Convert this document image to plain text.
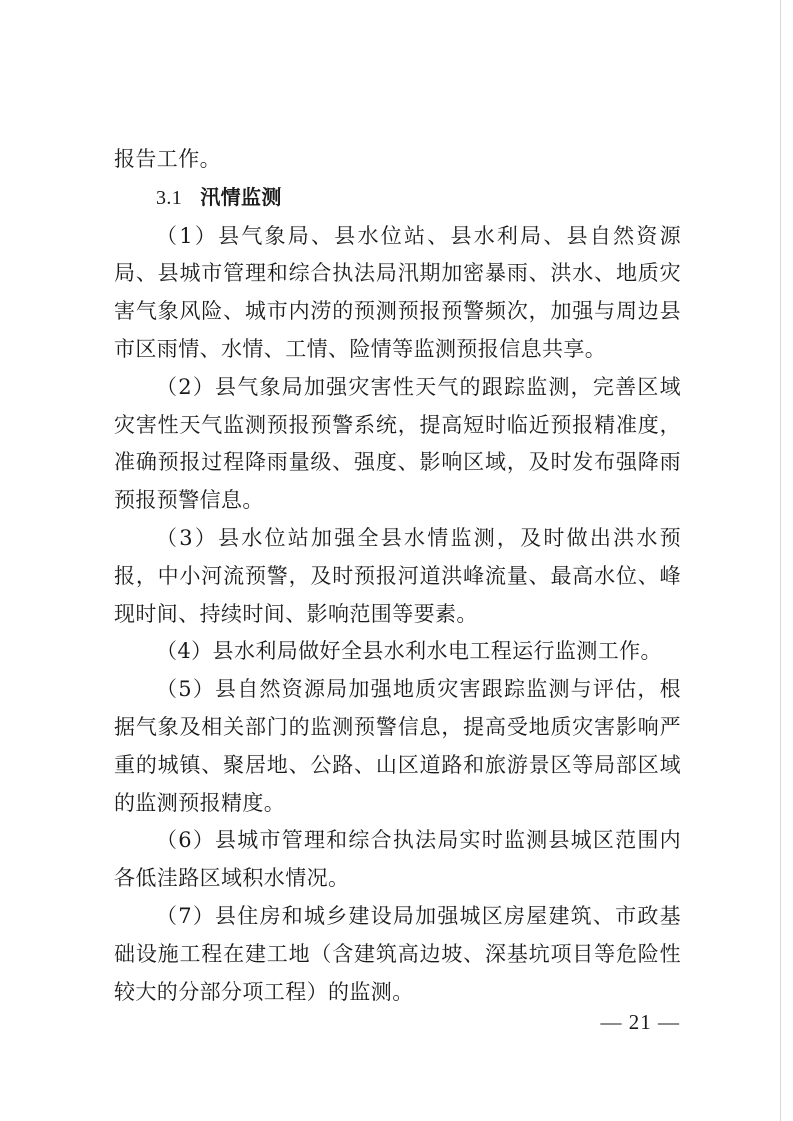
报告工作。

3.1 汛情监测

（1）县气象局、县水位站、县水利局、县自然资源局、县城市管理和综合执法局汛期加密暴雨、洪水、地质灾害气象风险、城市内涝的预测预报预警频次，加强与周边县市区雨情、水情、工情、险情等监测预报信息共享。

（2）县气象局加强灾害性天气的跟踪监测，完善区域灾害性天气监测预报预警系统，提高短时临近预报精准度，准确预报过程降雨量级、强度、影响区域，及时发布强降雨预报预警信息。

（3）县水位站加强全县水情监测，及时做出洪水预报，中小河流预警，及时预报河道洪峰流量、最高水位、峰现时间、持续时间、影响范围等要素。

（4）县水利局做好全县水利水电工程运行监测工作。

（5）县自然资源局加强地质灾害跟踪监测与评估，根据气象及相关部门的监测预警信息，提高受地质灾害影响严重的城镇、聚居地、公路、山区道路和旅游景区等局部区域的监测预报精度。

（6）县城市管理和综合执法局实时监测县城区范围内各低洼路区域积水情况。

（7）县住房和城乡建设局加强城区房屋建筑、市政基础设施工程在建工地（含建筑高边坡、深基坑项目等危险性较大的分部分项工程）的监测。

— 21 —
